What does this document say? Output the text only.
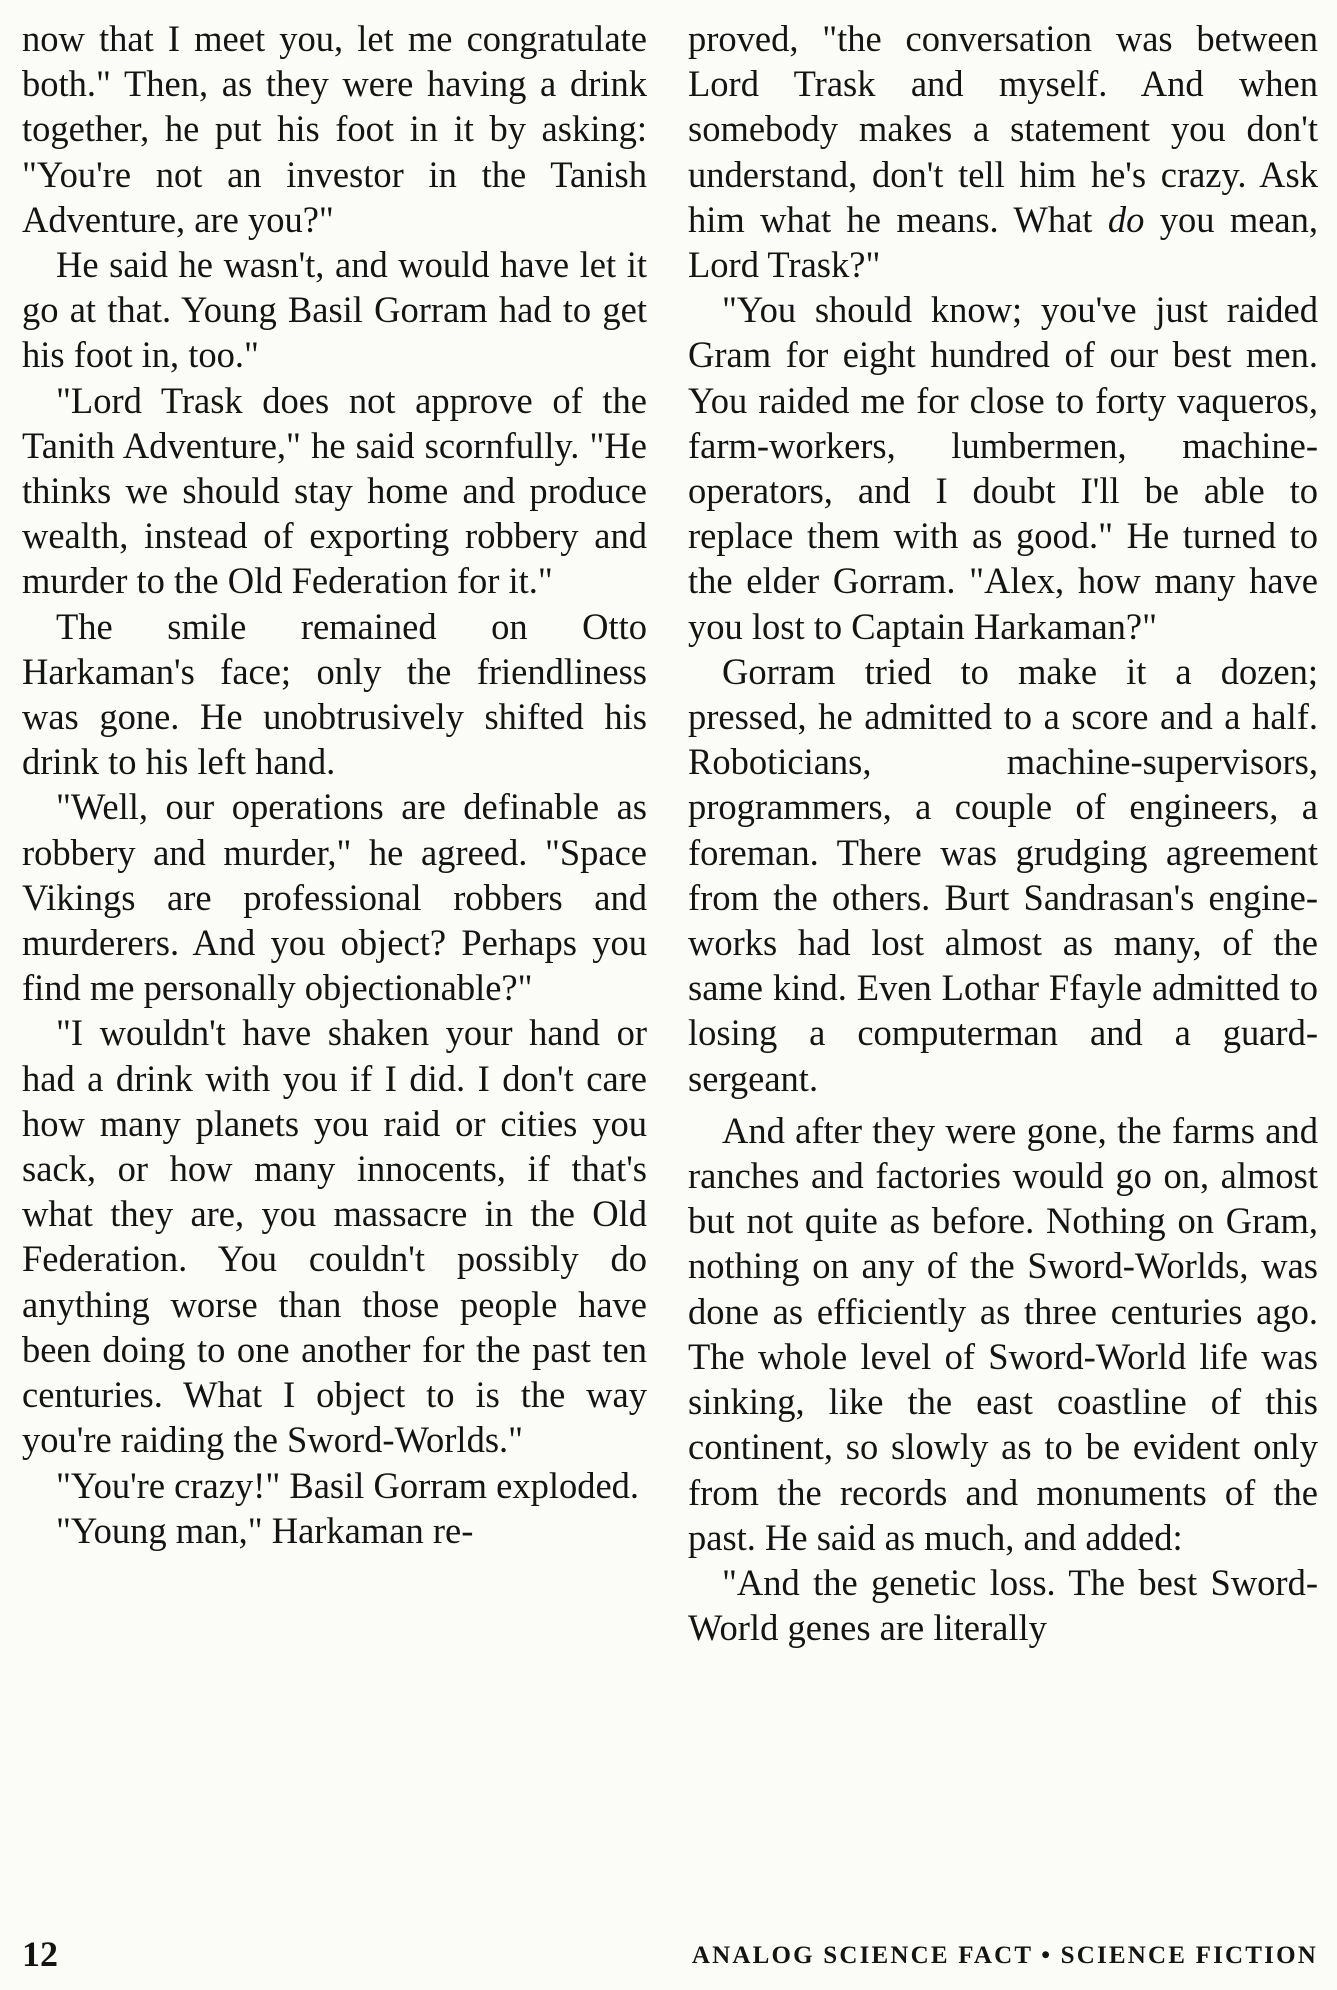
now that I meet you, let me congratulate both." Then, as they were having a drink together, he put his foot in it by asking: "You're not an investor in the Tanish Adventure, are you?"

He said he wasn't, and would have let it go at that. Young Basil Gorram had to get his foot in, too."

"Lord Trask does not approve of the Tanith Adventure," he said scornfully. "He thinks we should stay home and produce wealth, instead of exporting robbery and murder to the Old Federation for it."

The smile remained on Otto Harkaman's face; only the friendliness was gone. He unobtrusively shifted his drink to his left hand.

"Well, our operations are definable as robbery and murder," he agreed. "Space Vikings are professional robbers and murderers. And you object? Perhaps you find me personally objectionable?"

"I wouldn't have shaken your hand or had a drink with you if I did. I don't care how many planets you raid or cities you sack, or how many innocents, if that's what they are, you massacre in the Old Federation. You couldn't possibly do anything worse than those people have been doing to one another for the past ten centuries. What I object to is the way you're raiding the Sword-Worlds."

"You're crazy!" Basil Gorram exploded.

"Young man," Harkaman re-

proved, "the conversation was between Lord Trask and myself. And when somebody makes a statement you don't understand, don't tell him he's crazy. Ask him what he means. What do you mean, Lord Trask?"

"You should know; you've just raided Gram for eight hundred of our best men. You raided me for close to forty vaqueros, farm-workers, lumbermen, machine-operators, and I doubt I'll be able to replace them with as good." He turned to the elder Gorram. "Alex, how many have you lost to Captain Harkaman?"

Gorram tried to make it a dozen; pressed, he admitted to a score and a half. Roboticians, machine-supervisors, programmers, a couple of engineers, a foreman. There was grudging agreement from the others. Burt Sandrasan's engine-works had lost almost as many, of the same kind. Even Lothar Ffayle admitted to losing a computerman and a guard-sergeant.

And after they were gone, the farms and ranches and factories would go on, almost but not quite as before. Nothing on Gram, nothing on any of the Sword-Worlds, was done as efficiently as three centuries ago. The whole level of Sword-World life was sinking, like the east coastline of this continent, so slowly as to be evident only from the records and monuments of the past. He said as much, and added:

"And the genetic loss. The best Sword-World genes are literally

12	ANALOG SCIENCE FACT • SCIENCE FICTION
